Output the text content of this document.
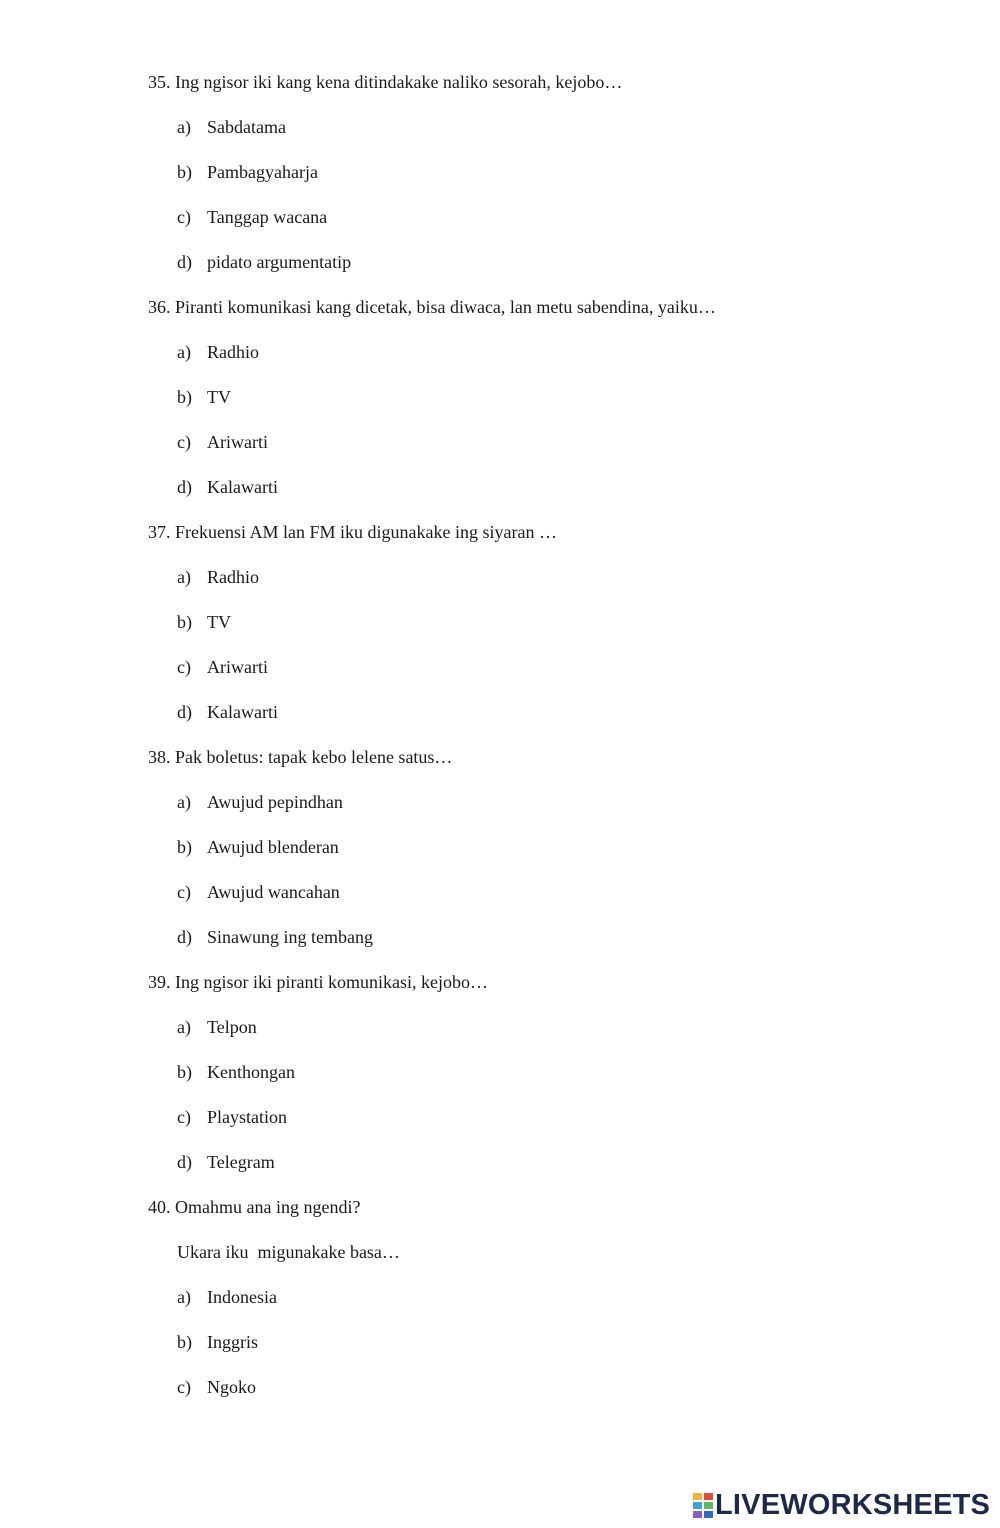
35. Ing ngisor iki kang kena ditindakake naliko sesorah, kejobo…
a) Sabdatama
b) Pambagyaharja
c) Tanggap wacana
d) pidato argumentatip
36. Piranti komunikasi kang dicetak, bisa diwaca, lan metu sabendina, yaiku…
a) Radhio
b) TV
c) Ariwarti
d) Kalawarti
37. Frekuensi AM lan FM iku digunakake ing siyaran …
a) Radhio
b) TV
c) Ariwarti
d) Kalawarti
38. Pak boletus: tapak kebo lelene satus…
a) Awujud pepindhan
b) Awujud blenderan
c) Awujud wancahan
d) Sinawung ing tembang
39. Ing ngisor iki piranti komunikasi, kejobo…
a) Telpon
b) Kenthongan
c) Playstation
d) Telegram
40. Omahmu ana ing ngendi?
Ukara iku  migunakake basa…
a) Indonesia
b) Inggris
c) Ngoko
LIVEWORKSHEETS
